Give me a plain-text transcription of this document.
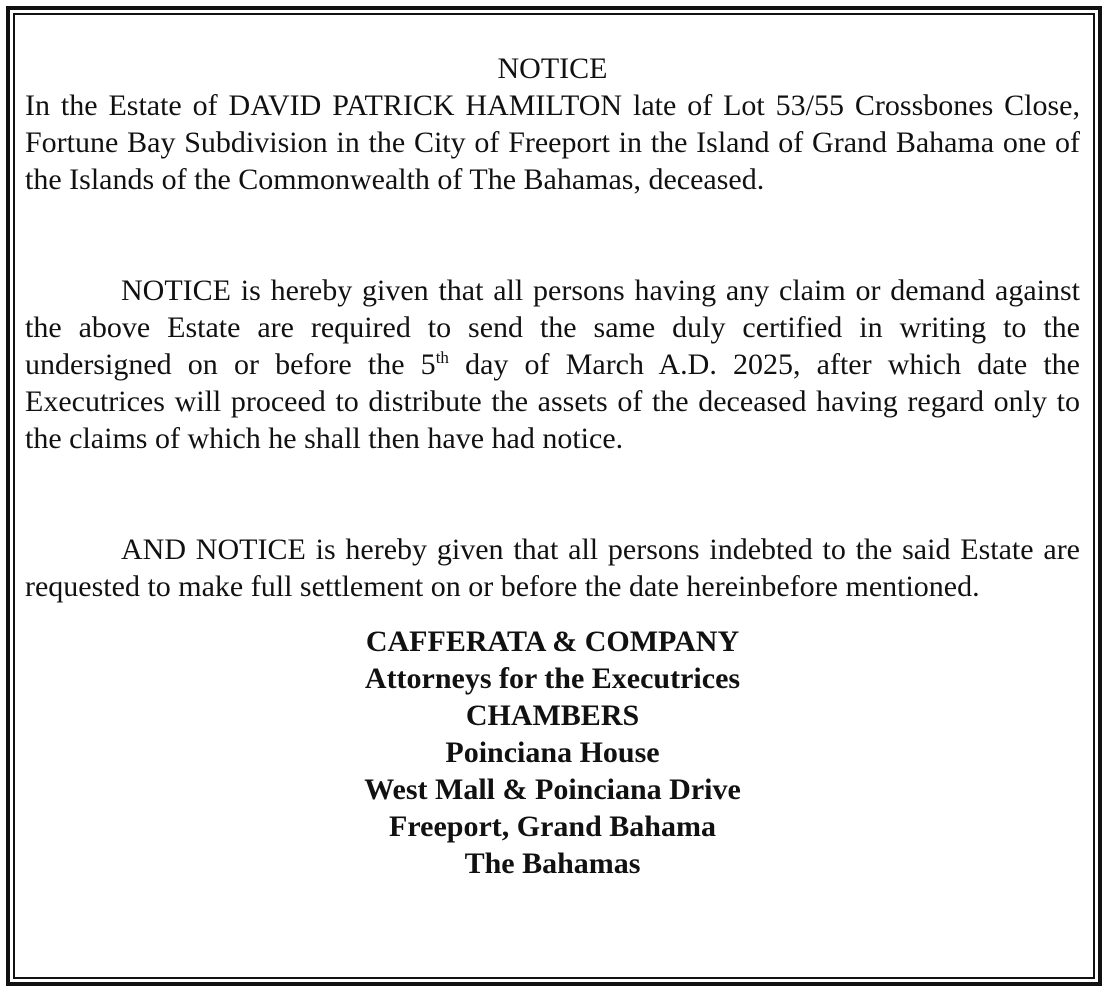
NOTICE

In the Estate of DAVID PATRICK HAMILTON late of Lot 53/55 Crossbones Close, Fortune Bay Subdivision in the City of Freeport in the Island of Grand Bahama one of the Islands of the Commonwealth of The Bahamas, deceased.

NOTICE is hereby given that all persons having any claim or demand against the above Estate are required to send the same duly certified in writing to the undersigned on or before the 5th day of March A.D. 2025, after which date the Executrices will proceed to distribute the assets of the deceased having regard only to the claims of which he shall then have had notice.

AND NOTICE is hereby given that all persons indebted to the said Estate are requested to make full settlement on or before the date hereinbefore mentioned.

CAFFERATA & COMPANY
Attorneys for the Executrices
CHAMBERS
Poinciana House
West Mall & Poinciana Drive
Freeport, Grand Bahama
The Bahamas
